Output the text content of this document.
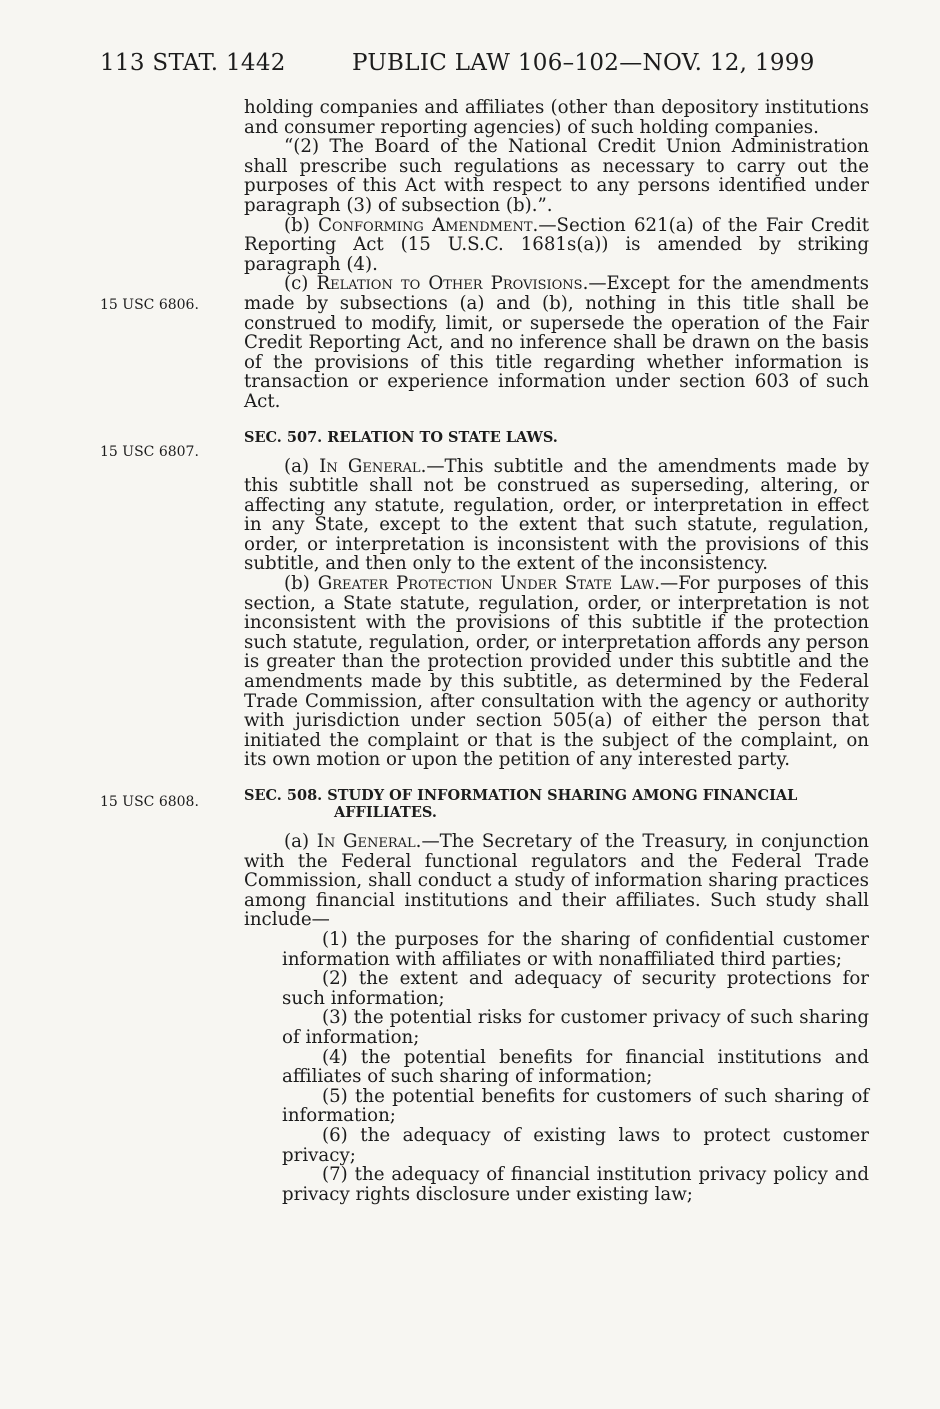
113 STAT. 1442	PUBLIC LAW 106–102—NOV. 12, 1999
15 USC 6806.
15 USC 6807.
15 USC 6808.

holding companies and affiliates (other than depository institutions and consumer reporting agencies) of such holding companies.

“(2) The Board of the National Credit Union Administration shall prescribe such regulations as necessary to carry out the purposes of this Act with respect to any persons identified under paragraph (3) of subsection (b).”.

(b) Conforming Amendment.—Section 621(a) of the Fair Credit Reporting Act (15 U.S.C. 1681s(a)) is amended by striking paragraph (4).

(c) Relation to Other Provisions.—Except for the amendments made by subsections (a) and (b), nothing in this title shall be construed to modify, limit, or supersede the operation of the Fair Credit Reporting Act, and no inference shall be drawn on the basis of the provisions of this title regarding whether information is transaction or experience information under section 603 of such Act.

SEC. 507. RELATION TO STATE LAWS.

(a) In General.—This subtitle and the amendments made by this subtitle shall not be construed as superseding, altering, or affecting any statute, regulation, order, or interpretation in effect in any State, except to the extent that such statute, regulation, order, or interpretation is inconsistent with the provisions of this subtitle, and then only to the extent of the inconsistency.

(b) Greater Protection Under State Law.—For purposes of this section, a State statute, regulation, order, or interpretation is not inconsistent with the provisions of this subtitle if the protection such statute, regulation, order, or interpretation affords any person is greater than the protection provided under this subtitle and the amendments made by this subtitle, as determined by the Federal Trade Commission, after consultation with the agency or authority with jurisdiction under section 505(a) of either the person that initiated the complaint or that is the subject of the complaint, on its own motion or upon the petition of any interested party.

SEC. 508. STUDY OF INFORMATION SHARING AMONG FINANCIAL
AFFILIATES.

(a) In General.—The Secretary of the Treasury, in conjunction with the Federal functional regulators and the Federal Trade Commission, shall conduct a study of information sharing practices among financial institutions and their affiliates. Such study shall include—

(1) the purposes for the sharing of confidential customer information with affiliates or with nonaffiliated third parties;

(2) the extent and adequacy of security protections for such information;

(3) the potential risks for customer privacy of such sharing of information;

(4) the potential benefits for financial institutions and affiliates of such sharing of information;

(5) the potential benefits for customers of such sharing of information;

(6) the adequacy of existing laws to protect customer privacy;

(7) the adequacy of financial institution privacy policy and privacy rights disclosure under existing law;
